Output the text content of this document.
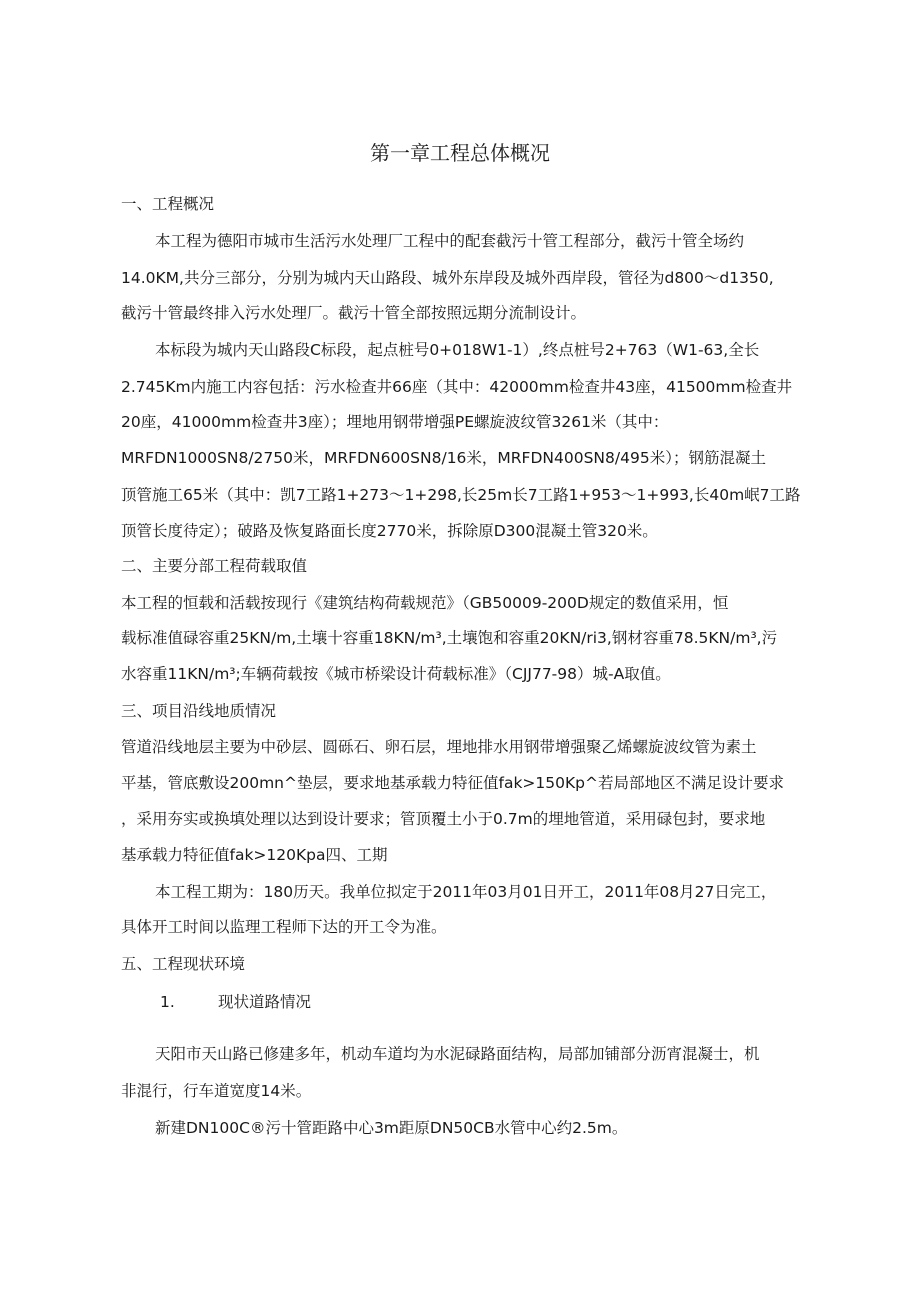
第一章工程总体概况

一、工程概况

本工程为德阳市城市生活污水处理厂工程中的配套截污十管工程部分，截污十管全场约

14.0KM,共分三部分，分别为城内天山路段、城外东岸段及城外西岸段，管径为d800〜d1350,

截污十管最终排入污水处理厂。截污十管全部按照远期分流制设计。

本标段为城内天山路段C标段，起点桩号0+018W1-1）,终点桩号2+763（W1-63,全长

2.745Km内施工内容包括：污水检查井66座（其中：42000mm检查井43座，41500mm检查井

20座，41000mm检查井3座）；埋地用钢带增强PE螺旋波纹管3261米（其中：

MRFDN1000SN8/2750米，MRFDN600SN8/16米，MRFDN400SN8/495米）；钢筋混凝土

顶管施工65米（其中：凯7工路1+273〜1+298,长25m长7工路1+953〜1+993,长40m岷7工路

顶管长度待定）；破路及恢复路面长度2770米，拆除原D300混凝土管320米。

二、主要分部工程荷载取值

本工程的恒载和活载按现行《建筑结构荷载规范》（GB50009-200D规定的数值采用，恒

载标准值碌容重25KN/m,土壤十容重18KN/m³,土壤饱和容重20KN/ri3,钢材容重78.5KN/m³,污

水容重11KN/m³;车辆荷载按《城市桥梁设计荷载标准》（CJJ77-98）城-A取值。

三、项目沿线地质情况

管道沿线地层主要为中砂层、圆砾石、卵石层，埋地排水用钢带增强聚乙烯螺旋波纹管为素土

平基，管底敷设200mn^垫层，要求地基承载力特征值fak>150Kp^若局部地区不满足设计要求

，采用夯实或换填处理以达到设计要求；管顶覆土小于0.7m的埋地管道，采用碌包封，要求地

基承载力特征值fak>120Kpa四、工期

本工程工期为：180历天。我单位拟定于2011年03月01日开工，2011年08月27日完工，

具体开工时间以监理工程师下达的开工令为准。

五、工程现状环境

1.	现状道路情况

天阳市天山路已修建多年，机动车道均为水泥碌路面结构，局部加铺部分沥宵混凝士，机

非混行，行车道宽度14米。

新建DN100C®污十管距路中心3m距原DN50CB水管中心约2.5m。
